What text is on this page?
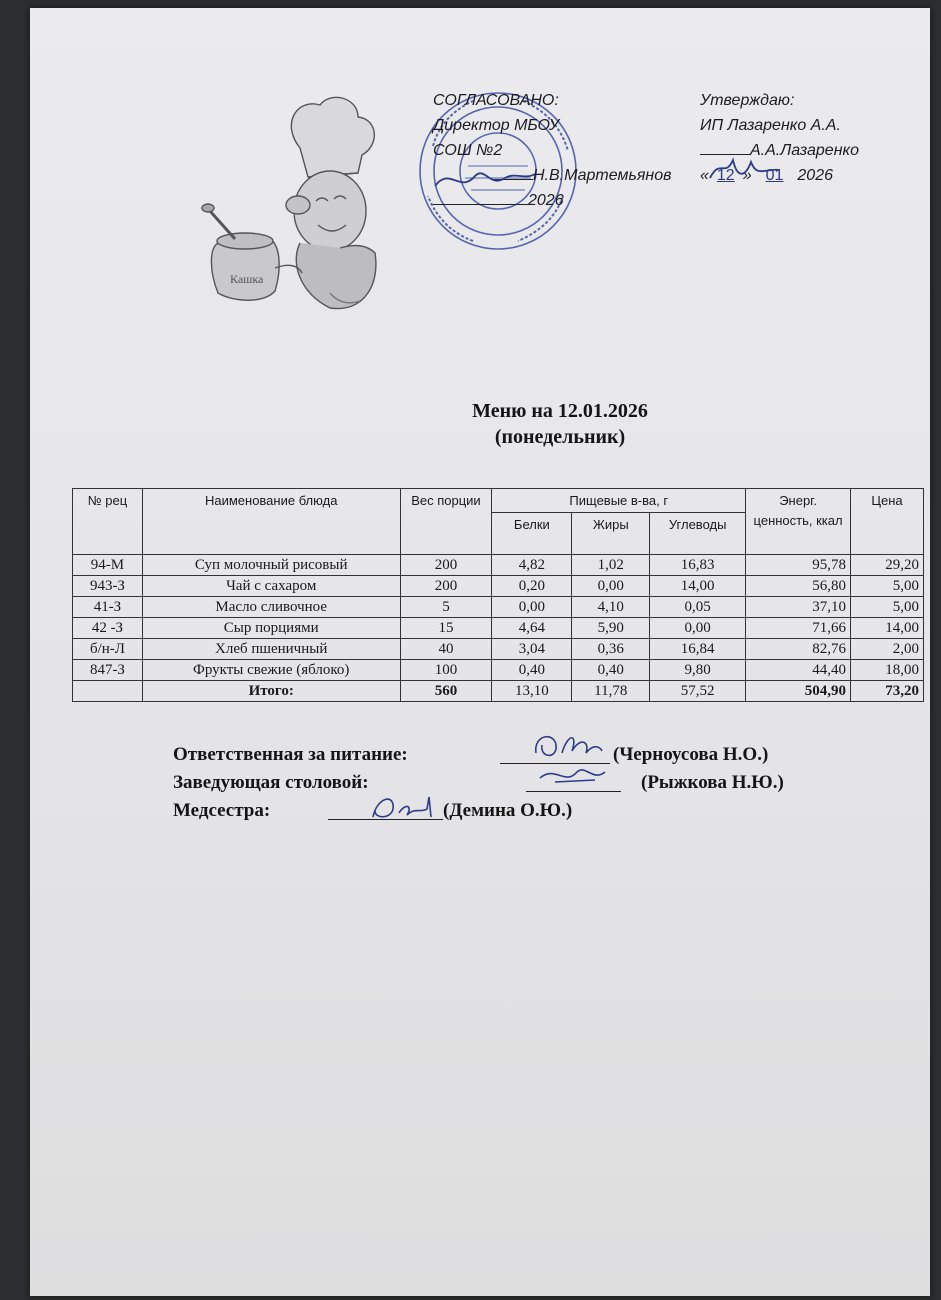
Кашка
СОГЛАСОВАНО:
Директор МБОУ
СОШ №2
Н.В.Мартемьянов
2026
Утверждаю:
ИП Лазаренко А.А.
А.А.Лазаренко
« 12 » 01 2026
Меню на 12.01.2026
(понедельник)
№ рец	Наименование блюда	Вес порции	Пищевые в-ва, г			Энерг. ценность, ккал	Цена
			Белки	Жиры	Углеводы		
94-М	Суп молочный рисовый	200	4,82	1,02	16,83	95,78	29,20
943-З	Чай с сахаром	200	0,20	0,00	14,00	56,80	5,00
41-З	Масло сливочное	5	0,00	4,10	0,05	37,10	5,00
42 -З	Сыр порциями	15	4,64	5,90	0,00	71,66	14,00
б/н-Л	Хлеб пшеничный	40	3,04	0,36	16,84	82,76	2,00
847-З	Фрукты свежие (яблоко)	100	0,40	0,40	9,80	44,40	18,00
	Итого:	560	13,10	11,78	57,52	504,90	73,20
Ответственная за питание:	(Черноусова Н.О.)
Заведующая столовой:	(Рыжкова Н.Ю.)
Медсестра:	(Демина О.Ю.)
